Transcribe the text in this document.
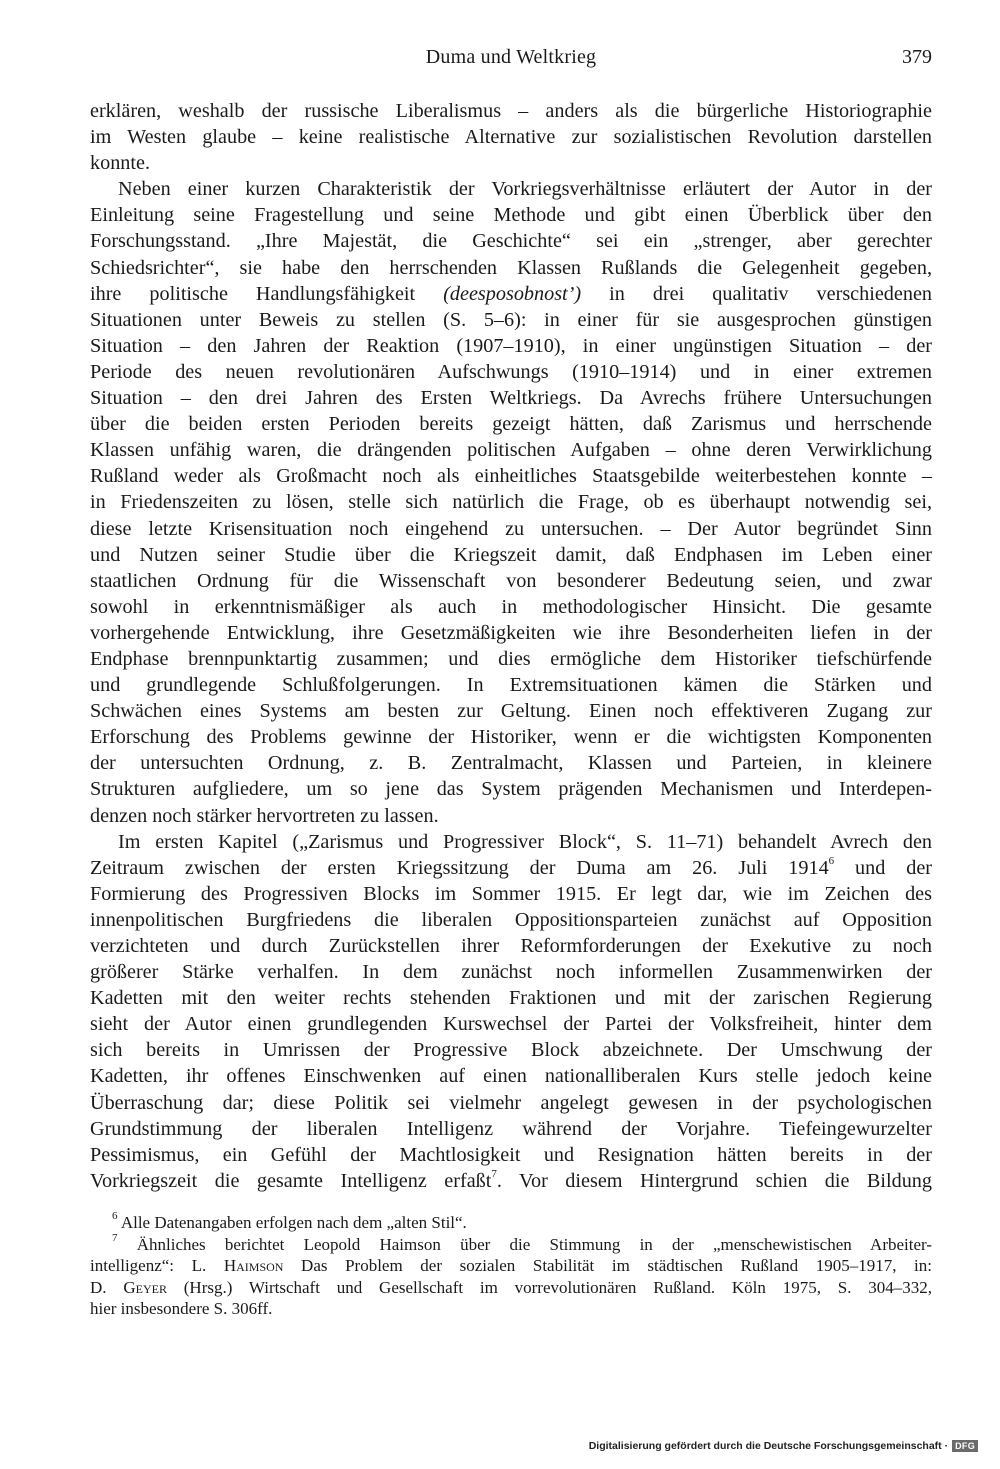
Duma und Weltkrieg	379
erklären, weshalb der russische Liberalismus – anders als die bürgerliche Historiographie
im Westen glaube – keine realistische Alternative zur sozialistischen Revolution darstellen
konnte.
Neben einer kurzen Charakteristik der Vorkriegsverhältnisse erläutert der Autor in der
Einleitung seine Fragestellung und seine Methode und gibt einen Überblick über den
Forschungsstand. „Ihre Majestät, die Geschichte“ sei ein „strenger, aber gerechter
Schiedsrichter“, sie habe den herrschenden Klassen Rußlands die Gelegenheit gegeben,
ihre politische Handlungsfähigkeit (deesposobnost’) in drei qualitativ verschiedenen
Situationen unter Beweis zu stellen (S. 5–6): in einer für sie ausgesprochen günstigen
Situation – den Jahren der Reaktion (1907–1910), in einer ungünstigen Situation – der
Periode des neuen revolutionären Aufschwungs (1910–1914) und in einer extremen
Situation – den drei Jahren des Ersten Weltkriegs. Da Avrechs frühere Untersuchungen
über die beiden ersten Perioden bereits gezeigt hätten, daß Zarismus und herrschende
Klassen unfähig waren, die drängenden politischen Aufgaben – ohne deren Verwirklichung
Rußland weder als Großmacht noch als einheitliches Staatsgebilde weiterbestehen konnte –
in Friedenszeiten zu lösen, stelle sich natürlich die Frage, ob es überhaupt notwendig sei,
diese letzte Krisensituation noch eingehend zu untersuchen. – Der Autor begründet Sinn
und Nutzen seiner Studie über die Kriegszeit damit, daß Endphasen im Leben einer
staatlichen Ordnung für die Wissenschaft von besonderer Bedeutung seien, und zwar
sowohl in erkenntnismäßiger als auch in methodologischer Hinsicht. Die gesamte
vorhergehende Entwicklung, ihre Gesetzmäßigkeiten wie ihre Besonderheiten liefen in der
Endphase brennpunktartig zusammen; und dies ermögliche dem Historiker tiefschürfende
und grundlegende Schlußfolgerungen. In Extremsituationen kämen die Stärken und
Schwächen eines Systems am besten zur Geltung. Einen noch effektiveren Zugang zur
Erforschung des Problems gewinne der Historiker, wenn er die wichtigsten Komponenten
der untersuchten Ordnung, z. B. Zentralmacht, Klassen und Parteien, in kleinere
Strukturen aufgliedere, um so jene das System prägenden Mechanismen und Interdepen-
denzen noch stärker hervortreten zu lassen.
Im ersten Kapitel („Zarismus und Progressiver Block“, S. 11–71) behandelt Avrech den
Zeitraum zwischen der ersten Kriegssitzung der Duma am 26. Juli 1914$^6$ und der
Formierung des Progressiven Blocks im Sommer 1915. Er legt dar, wie im Zeichen des
innenpolitischen Burgfriedens die liberalen Oppositionsparteien zunächst auf Opposition
verzichteten und durch Zurückstellen ihrer Reformforderungen der Exekutive zu noch
größerer Stärke verhalfen. In dem zunächst noch informellen Zusammenwirken der
Kadetten mit den weiter rechts stehenden Fraktionen und mit der zarischen Regierung
sieht der Autor einen grundlegenden Kurswechsel der Partei der Volksfreiheit, hinter dem
sich bereits in Umrissen der Progressive Block abzeichnete. Der Umschwung der
Kadetten, ihr offenes Einschwenken auf einen nationalliberalen Kurs stelle jedoch keine
Überraschung dar; diese Politik sei vielmehr angelegt gewesen in der psychologischen
Grundstimmung der liberalen Intelligenz während der Vorjahre. Tiefeingewurzelter
Pessimismus, ein Gefühl der Machtlosigkeit und Resignation hätten bereits in der
Vorkriegszeit die gesamte Intelligenz erfaßt$^7$. Vor diesem Hintergrund schien die Bildung
$^6$ Alle Datenangaben erfolgen nach dem „alten Stil“.
$^7$ Ähnliches berichtet Leopold Haimson über die Stimmung in der „menschewistischen Arbeiter-
intelligenz“: L. Haimson Das Problem der sozialen Stabilität im städtischen Rußland 1905–1917, in:
D. Geyer (Hrsg.) Wirtschaft und Gesellschaft im vorrevolutionären Rußland. Köln 1975, S. 304–332,
hier insbesondere S. 306ff.
Digitalisierung gefördert durch die Deutsche Forschungsgemeinschaft · DFG
